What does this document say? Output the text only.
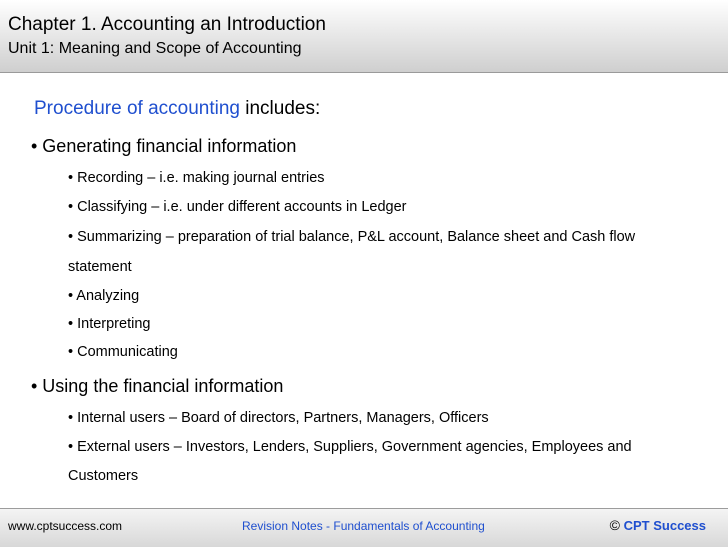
Chapter 1. Accounting an Introduction
Unit 1: Meaning and Scope of Accounting
Procedure of accounting includes:
• Generating financial information
• Recording – i.e. making journal entries
• Classifying – i.e. under different accounts in Ledger
• Summarizing – preparation of trial balance, P&L account, Balance sheet and Cash flow
statement
• Analyzing
• Interpreting
• Communicating
• Using the financial information
• Internal users – Board of directors, Partners, Managers, Officers
• External users – Investors, Lenders, Suppliers, Government agencies, Employees and
Customers
www.cptsuccess.com	Revision Notes - Fundamentals of Accounting	© CPT Success
